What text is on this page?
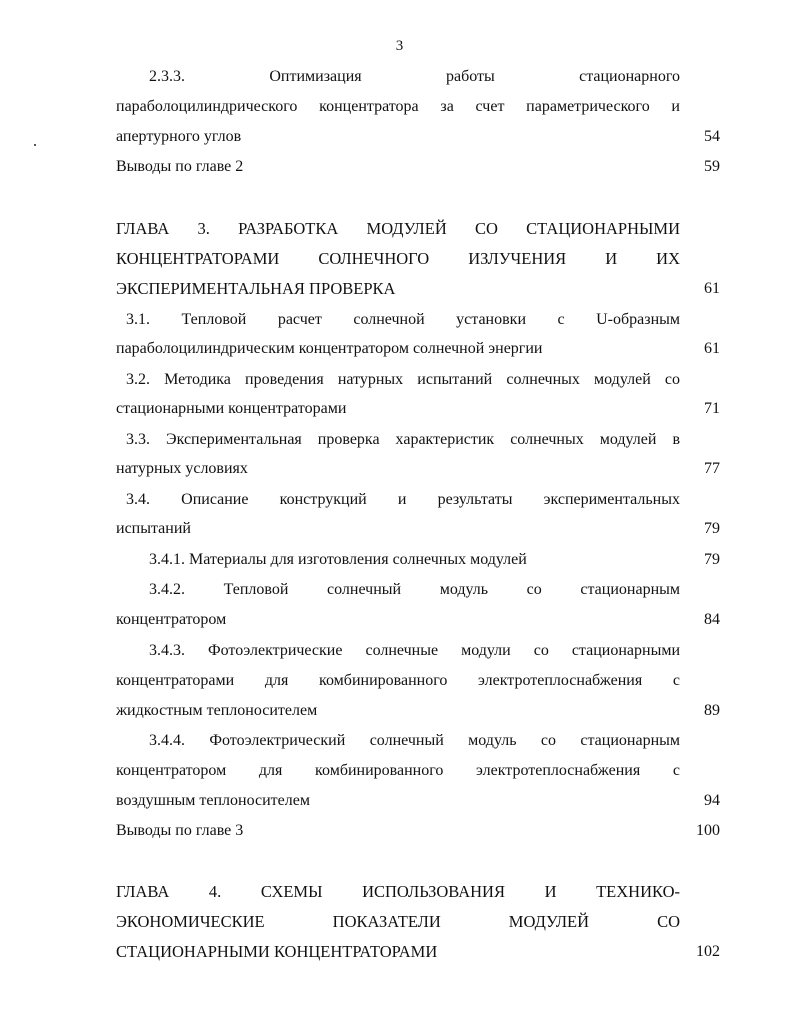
3
2.3.3. Оптимизация работы стационарного
параболоцилиндрического концентратора за счет параметрического и
апертурного углов	54
Выводы по главе 2	59
ГЛАВА 3. РАЗРАБОТКА МОДУЛЕЙ СО СТАЦИОНАРНЫМИ
КОНЦЕНТРАТОРАМИ СОЛНЕЧНОГО ИЗЛУЧЕНИЯ И ИХ
ЭКСПЕРИМЕНТАЛЬНАЯ ПРОВЕРКА	61
3.1. Тепловой расчет солнечной установки с U-образным
параболоцилиндрическим концентратором солнечной энергии	61
3.2. Методика проведения натурных испытаний солнечных модулей со
стационарными концентраторами	71
3.3. Экспериментальная проверка характеристик солнечных модулей в
натурных условиях	77
3.4. Описание конструкций и результаты экспериментальных
испытаний	79
3.4.1. Материалы для изготовления солнечных модулей	79
3.4.2. Тепловой солнечный модуль со стационарным
концентратором	84
3.4.3. Фотоэлектрические солнечные модули со стационарными
концентраторами для комбинированного электротеплоснабжения с
жидкостным теплоносителем	89
3.4.4. Фотоэлектрический солнечный модуль со стационарным
концентратором для комбинированного электротеплоснабжения с
воздушным теплоносителем	94
Выводы по главе 3	100
ГЛАВА 4. СХЕМЫ ИСПОЛЬЗОВАНИЯ И ТЕХНИКО-
ЭКОНОМИЧЕСКИЕ ПОКАЗАТЕЛИ МОДУЛЕЙ СО
СТАЦИОНАРНЫМИ КОНЦЕНТРАТОРАМИ	102
